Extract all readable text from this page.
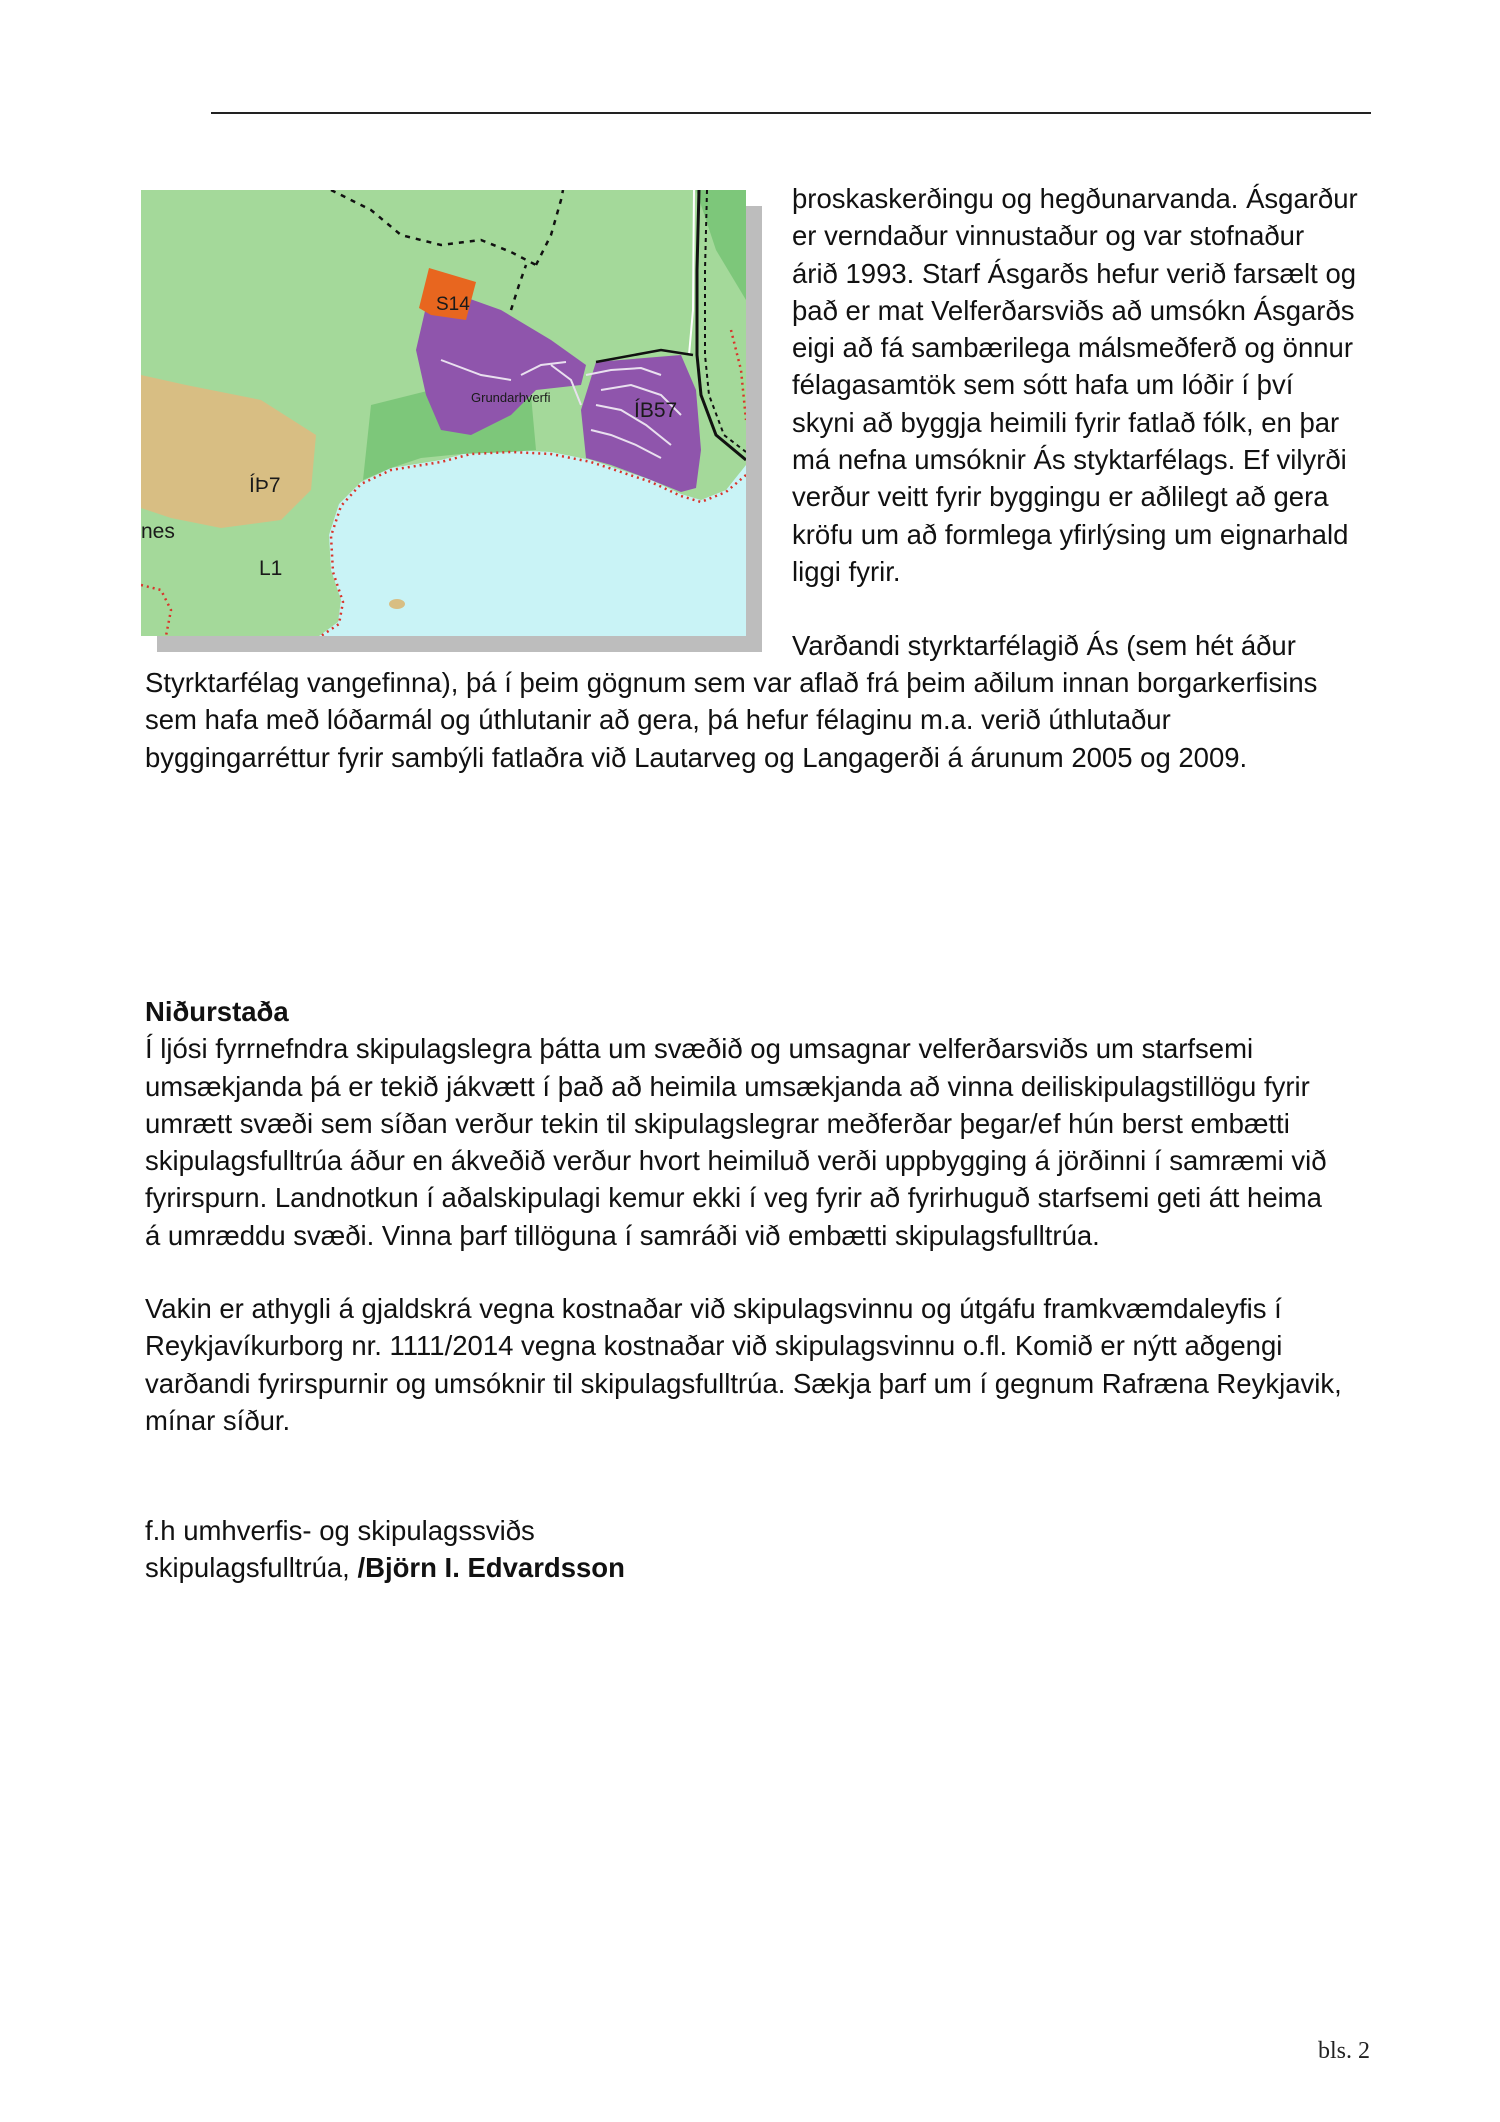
S14
Grundarhverfi
ÍB57
ÍÞ7
nes
L1
þroskaskerðingu og hegðunarvanda. Ásgarður
er verndaður vinnustaður og var stofnaður
árið 1993. Starf Ásgarðs hefur verið farsælt og
það er mat Velferðarsviðs að umsókn Ásgarðs
eigi að fá sambærilega málsmeðferð og önnur
félagasamtök sem sótt hafa um lóðir í því
skyni að byggja heimili fyrir fatlað fólk, en þar
má nefna umsóknir Ás styktarfélags. Ef vilyrði
verður veitt fyrir byggingu er aðlilegt að gera
kröfu um að formlega yfirlýsing um eignarhald
liggi fyrir.
Varðandi styrktarfélagið Ás (sem hét áður
Styrktarfélag vangefinna), þá í þeim gögnum sem var aflað frá þeim aðilum innan borgarkerfisins
sem hafa með lóðarmál og úthlutanir að gera, þá hefur félaginu m.a. verið úthlutaður
byggingarréttur fyrir sambýli fatlaðra við Lautarveg og Langagerði á árunum 2005 og 2009.
Niðurstaða
Í ljósi fyrrnefndra skipulagslegra þátta um svæðið og umsagnar velferðarsviðs um starfsemi
umsækjanda þá er tekið jákvætt í það að heimila umsækjanda að vinna deiliskipulagstillögu fyrir
umrætt svæði sem síðan verður tekin til skipulagslegrar meðferðar þegar/ef hún berst embætti
skipulagsfulltrúa áður en ákveðið verður hvort heimiluð verði uppbygging á jörðinni í samræmi við
fyrirspurn. Landnotkun í aðalskipulagi kemur ekki í veg fyrir að fyrirhuguð starfsemi geti átt heima
á umræddu svæði. Vinna þarf tillöguna í samráði við embætti skipulagsfulltrúa.
Vakin er athygli á gjaldskrá vegna kostnaðar við skipulagsvinnu og útgáfu framkvæmdaleyfis í
Reykjavíkurborg nr. 1111/2014 vegna kostnaðar við skipulagsvinnu o.fl. Komið er nýtt aðgengi
varðandi fyrirspurnir og umsóknir til skipulagsfulltrúa. Sækja þarf um í gegnum Rafræna Reykjavik,
mínar síður.
f.h umhverfis- og skipulagssviðs
skipulagsfulltrúa, /Björn I. Edvardsson
bls. 2
